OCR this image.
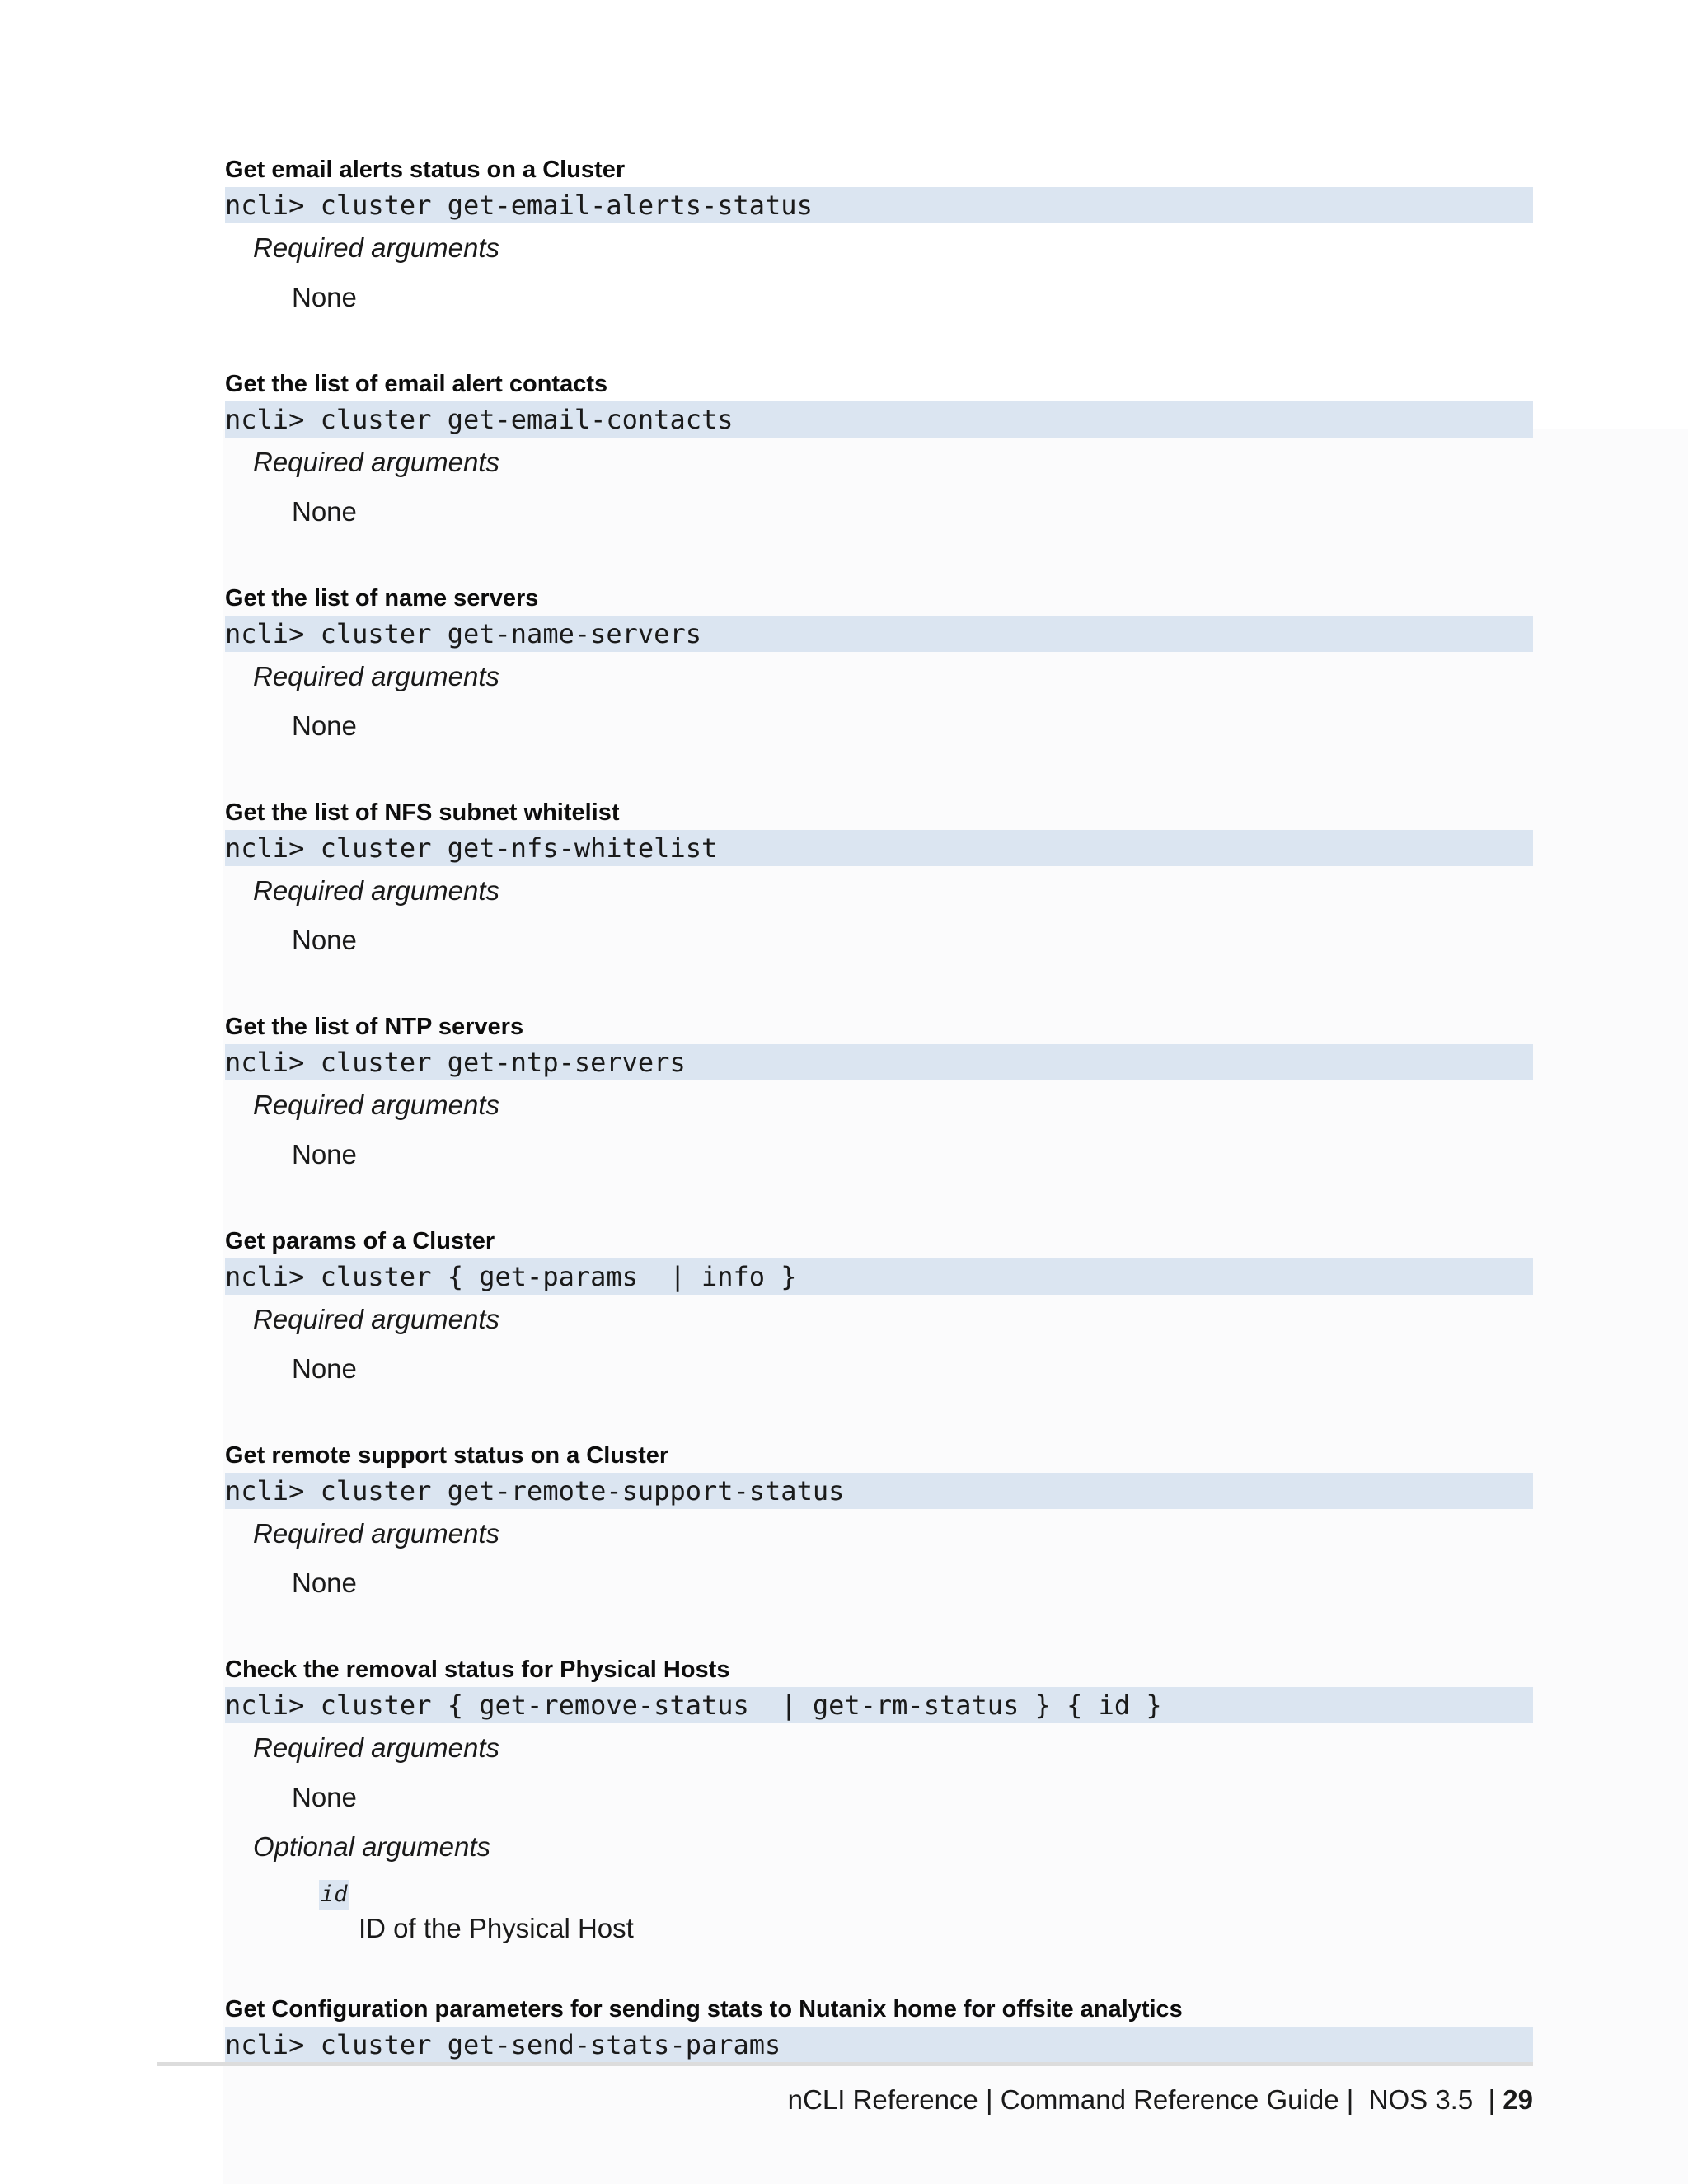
Get email alerts status on a Cluster
ncli> cluster get-email-alerts-status
Required arguments
None
Get the list of email alert contacts
ncli> cluster get-email-contacts
Required arguments
None
Get the list of name servers
ncli> cluster get-name-servers
Required arguments
None
Get the list of NFS subnet whitelist
ncli> cluster get-nfs-whitelist
Required arguments
None
Get the list of NTP servers
ncli> cluster get-ntp-servers
Required arguments
None
Get params of a Cluster
ncli> cluster { get-params  | info }
Required arguments
None
Get remote support status on a Cluster
ncli> cluster get-remote-support-status
Required arguments
None
Check the removal status for Physical Hosts
ncli> cluster { get-remove-status  | get-rm-status } { id }
Required arguments
None
Optional arguments
id
ID of the Physical Host
Get Configuration parameters for sending stats to Nutanix home for offsite analytics
ncli> cluster get-send-stats-params
nCLI Reference | Command Reference Guide |  NOS 3.5  | 29
